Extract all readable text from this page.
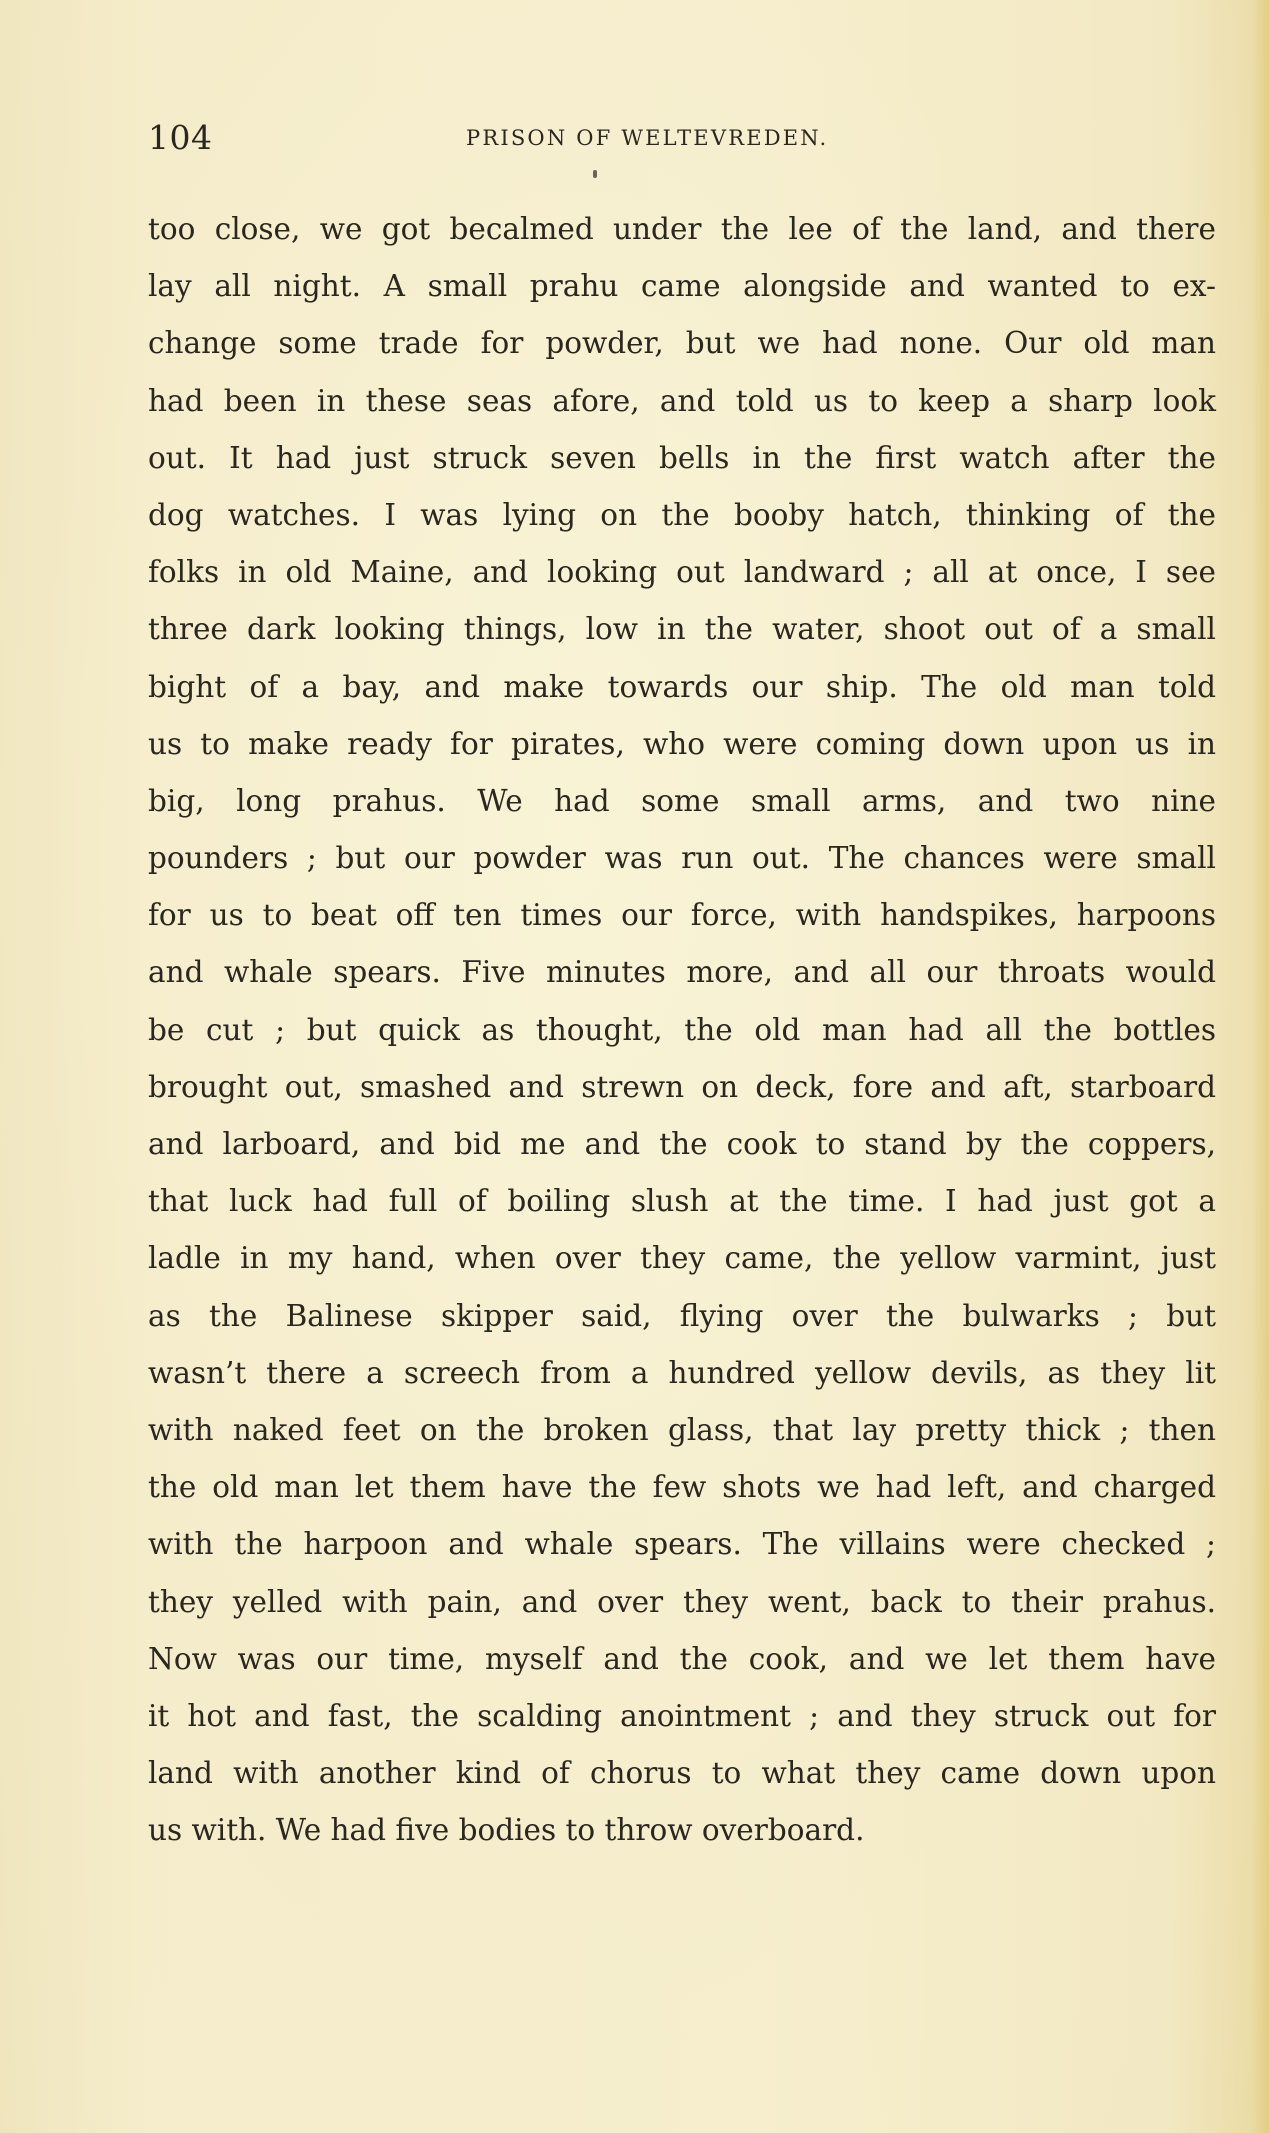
104	PRISON OF WELTEVREDEN.
too close, we got becalmed under the lee of the land, and there
lay all night. A small prahu came alongside and wanted to ex-
change some trade for powder, but we had none. Our old man
had been in these seas afore, and told us to keep a sharp look
out. It had just struck seven bells in the first watch after the
dog watches. I was lying on the booby hatch, thinking of the
folks in old Maine, and looking out landward ; all at once, I see
three dark looking things, low in the water, shoot out of a small
bight of a bay, and make towards our ship. The old man told
us to make ready for pirates, who were coming down upon us in
big, long prahus. We had some small arms, and two nine
pounders ; but our powder was run out. The chances were small
for us to beat off ten times our force, with handspikes, harpoons
and whale spears. Five minutes more, and all our throats would
be cut ; but quick as thought, the old man had all the bottles
brought out, smashed and strewn on deck, fore and aft, starboard
and larboard, and bid me and the cook to stand by the coppers,
that luck had full of boiling slush at the time. I had just got a
ladle in my hand, when over they came, the yellow varmint, just
as the Balinese skipper said, flying over the bulwarks ; but
wasn’t there a screech from a hundred yellow devils, as they lit
with naked feet on the broken glass, that lay pretty thick ; then
the old man let them have the few shots we had left, and charged
with the harpoon and whale spears. The villains were checked ;
they yelled with pain, and over they went, back to their prahus.
Now was our time, myself and the cook, and we let them have
it hot and fast, the scalding anointment ; and they struck out for
land with another kind of chorus to what they came down upon
us with. We had five bodies to throw overboard.
